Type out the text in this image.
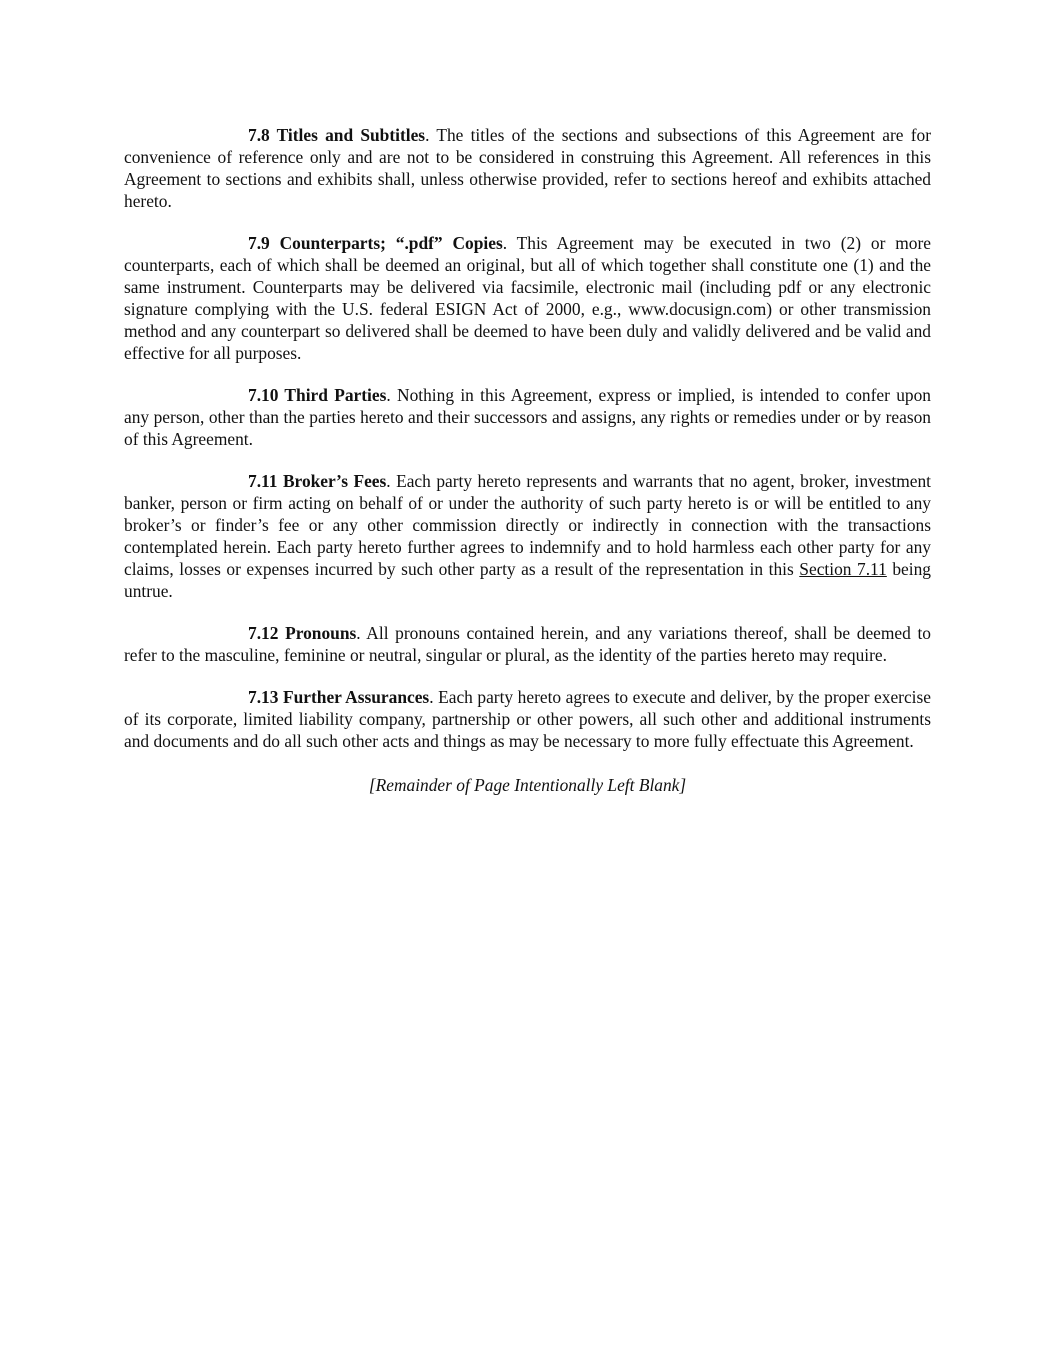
7.8 Titles and Subtitles. The titles of the sections and subsections of this Agreement are for convenience of reference only and are not to be considered in construing this Agreement. All references in this Agreement to sections and exhibits shall, unless otherwise provided, refer to sections hereof and exhibits attached hereto.

7.9 Counterparts; “.pdf” Copies. This Agreement may be executed in two (2) or more counterparts, each of which shall be deemed an original, but all of which together shall constitute one (1) and the same instrument. Counterparts may be delivered via facsimile, electronic mail (including pdf or any electronic signature complying with the U.S. federal ESIGN Act of 2000, e.g., www.docusign.com) or other transmission method and any counterpart so delivered shall be deemed to have been duly and validly delivered and be valid and effective for all purposes.

7.10 Third Parties. Nothing in this Agreement, express or implied, is intended to confer upon any person, other than the parties hereto and their successors and assigns, any rights or remedies under or by reason of this Agreement.

7.11 Broker’s Fees. Each party hereto represents and warrants that no agent, broker, investment banker, person or firm acting on behalf of or under the authority of such party hereto is or will be entitled to any broker’s or finder’s fee or any other commission directly or indirectly in connection with the transactions contemplated herein. Each party hereto further agrees to indemnify and to hold harmless each other party for any claims, losses or expenses incurred by such other party as a result of the representation in this Section 7.11 being untrue.

7.12 Pronouns. All pronouns contained herein, and any variations thereof, shall be deemed to refer to the masculine, feminine or neutral, singular or plural, as the identity of the parties hereto may require.

7.13 Further Assurances. Each party hereto agrees to execute and deliver, by the proper exercise of its corporate, limited liability company, partnership or other powers, all such other and additional instruments and documents and do all such other acts and things as may be necessary to more fully effectuate this Agreement.

[Remainder of Page Intentionally Left Blank]
